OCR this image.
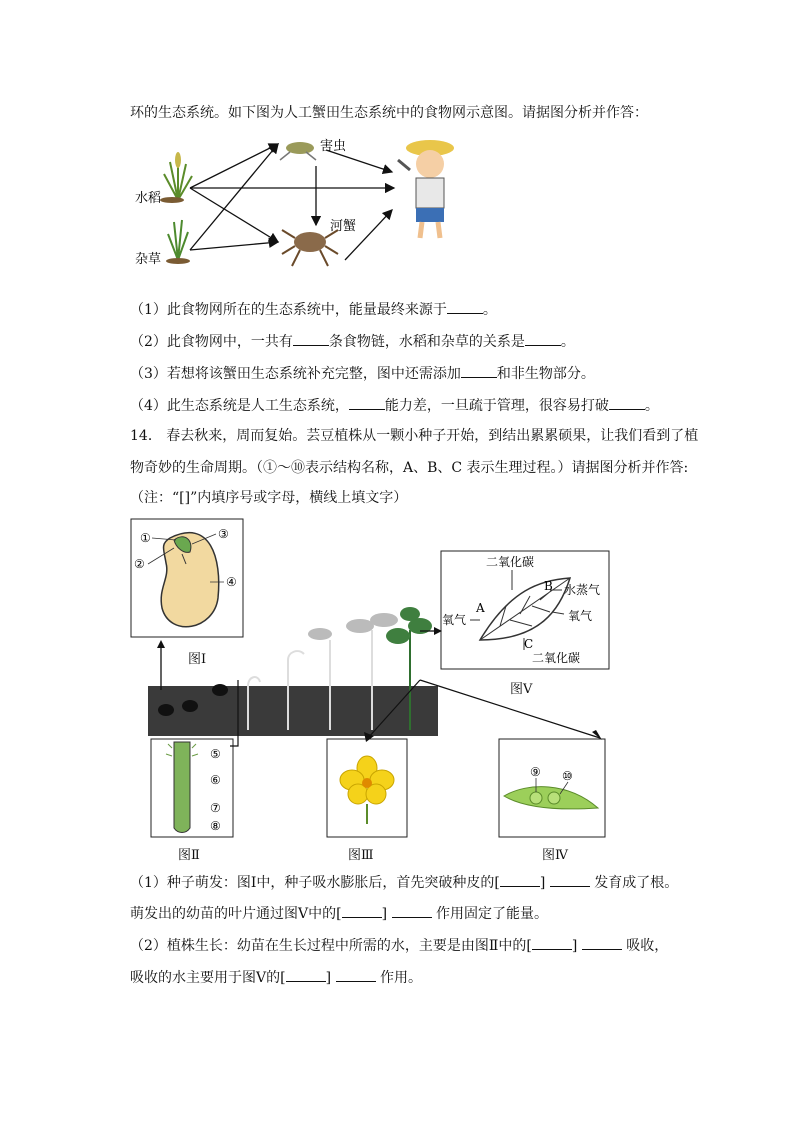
环的生态系统。如下图为人工蟹田生态系统中的食物网示意图。请据图分析并作答：
水稻
杂草
害虫
河蟹
（1）此食物网所在的生态系统中，能量最终来源于	。
（2）此食物网中，一共有	条食物链，水稻和杂草的关系是	。
（3）若想将该蟹田生态系统补充完整，图中还需添加	和非生物部分。
（4）此生态系统是人工生态系统，	能力差，一旦疏于管理，很容易打破	。
14． 春去秋来，周而复始。芸豆植株从一颗小种子开始，到结出累累硕果，让我们看到了植
物奇妙的生命周期。（①～⑩表示结构名称，A、B、C 表示生理过程。）请据图分析并作答:
（注：“[]”内填序号或字母，横线上填文字）
①
②
③
④
图Ⅰ
二氧化碳
B 水蒸气
A
氧气
氧气
C
二氧化碳
图Ⅴ
⑤
⑥
⑦
⑧
图Ⅱ	图Ⅲ
⑨ ⑩
图Ⅳ
（1）种子萌发：图Ⅰ中，种子吸水膨胀后，首先突破种皮的[	]	发育成了根。
萌发出的幼苗的叶片通过图Ⅴ中的[	]	作用固定了能量。
（2）植株生长：幼苗在生长过程中所需的水，主要是由图Ⅱ中的[	]	吸收，
吸收的水主要用于图Ⅴ的[	]	作用。
